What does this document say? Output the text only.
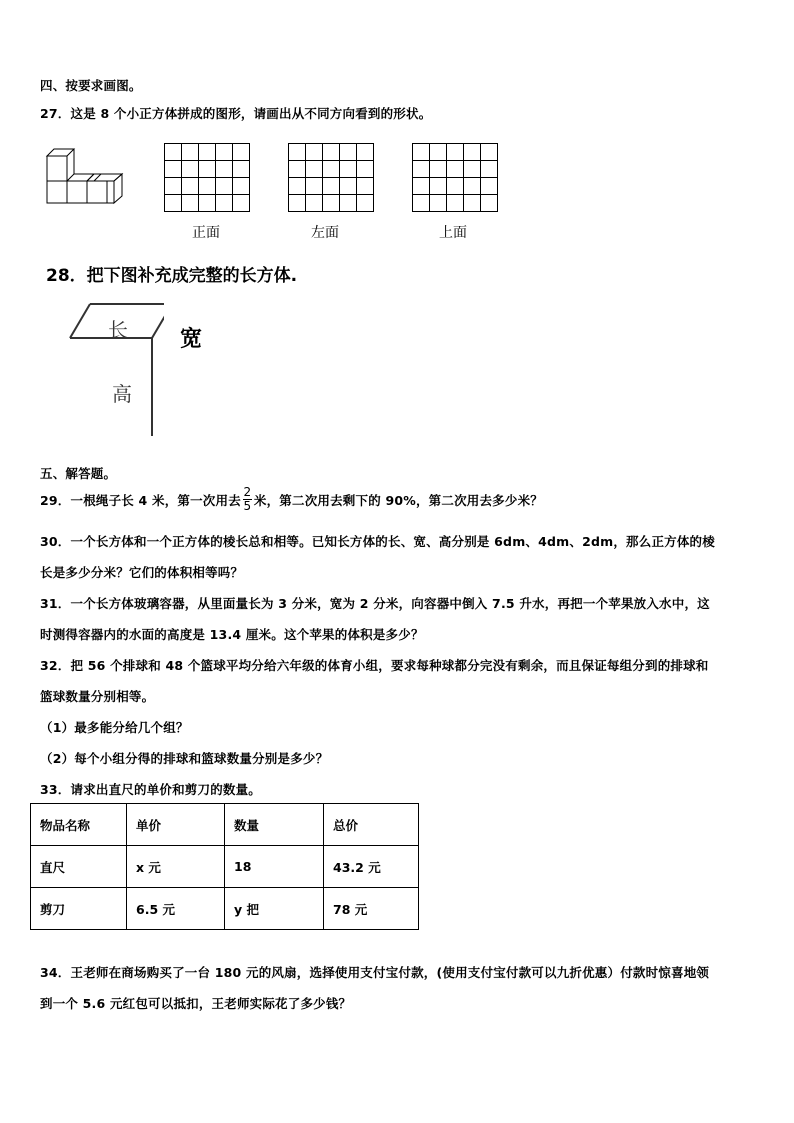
四、按要求画图。
27．这是 8 个小正方体拼成的图形，请画出从不同方向看到的形状。
正面	左面	上面
28．把下图补充成完整的长方体.
长 宽
高
五、解答题。
29．一根绳子长 4 米，第一次用去 $\frac{2}{5}$ 米，第二次用去剩下的 90%，第二次用去多少米？
30．一个长方体和一个正方体的棱长总和相等。已知长方体的长、宽、高分别是 6dm、4dm、2dm，那么正方体的棱
长是多少分米？它们的体积相等吗？
31．一个长方体玻璃容器，从里面量长为 3 分米，宽为 2 分米，向容器中倒入 7.5 升水，再把一个苹果放入水中，这
时测得容器内的水面的高度是 13.4 厘米。这个苹果的体积是多少？
32．把 56 个排球和 48 个篮球平均分给六年级的体育小组，要求每种球都分完没有剩余，而且保证每组分到的排球和
篮球数量分别相等。
（1）最多能分给几个组？
（2）每个小组分得的排球和篮球数量分别是多少？
33．请求出直尺的单价和剪刀的数量。
物品名称	单价	数量	总价
直尺	x 元	18	43.2 元
剪刀	6.5 元	y 把	78 元
34．王老师在商场购买了一台 180 元的风扇，选择使用支付宝付款，(使用支付宝付款可以九折优惠）付款时惊喜地领
到一个 5.6 元红包可以抵扣，王老师实际花了多少钱？
